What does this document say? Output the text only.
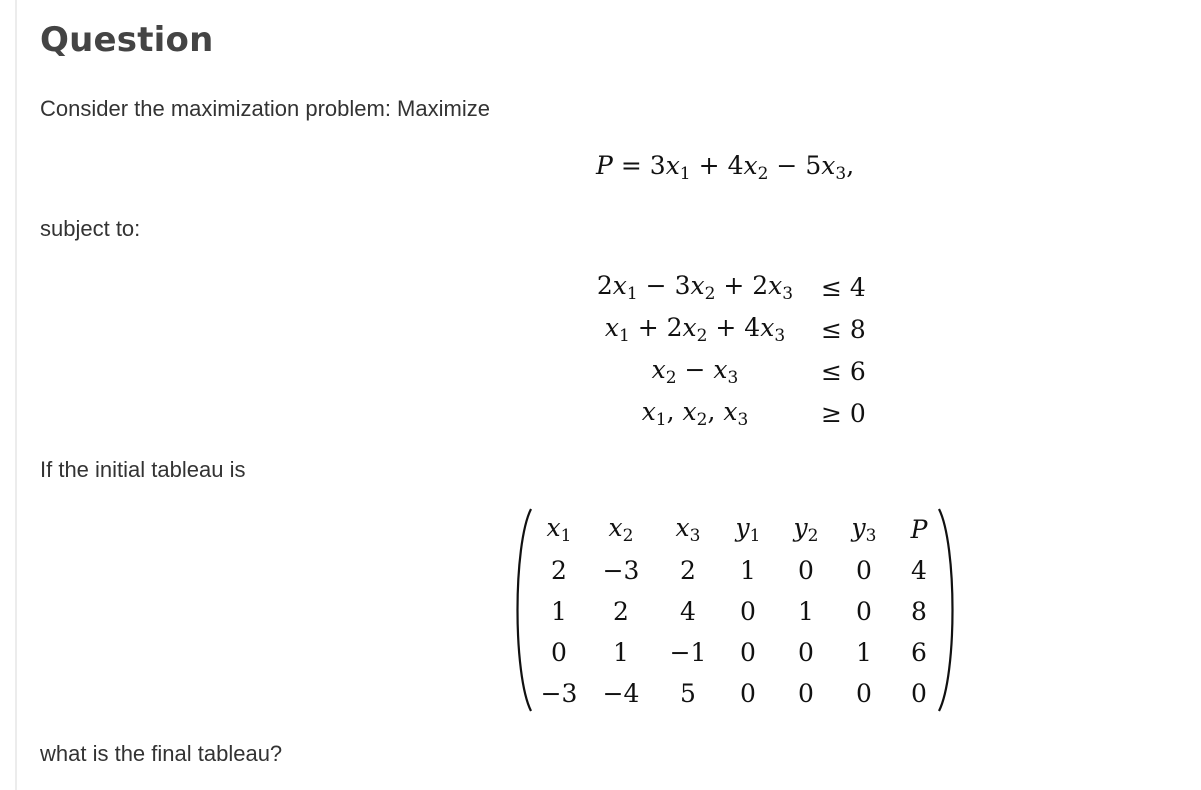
Question

Consider the maximization problem: Maximize

$P = 3x_1 + 4x_2 - 5x_3$,

subject to:

$2x_1 - 3x_2 + 2x_3$	≤ 4
$x_1 + 2x_2 + 4x_3$	≤ 8
$x_2 - x_3$	≤ 6
$x_1$, $x_2$, $x_3$	≥ 0

If the initial tableau is

$x_1$	$x_2$	$x_3$	$y_1$	$y_2$	$y_3$	P
2	−3	2	1	0	0	4
1	2	4	0	1	0	8
0	1	−1	0	0	1	6
−3	−4	5	0	0	0	0

what is the final tableau?
